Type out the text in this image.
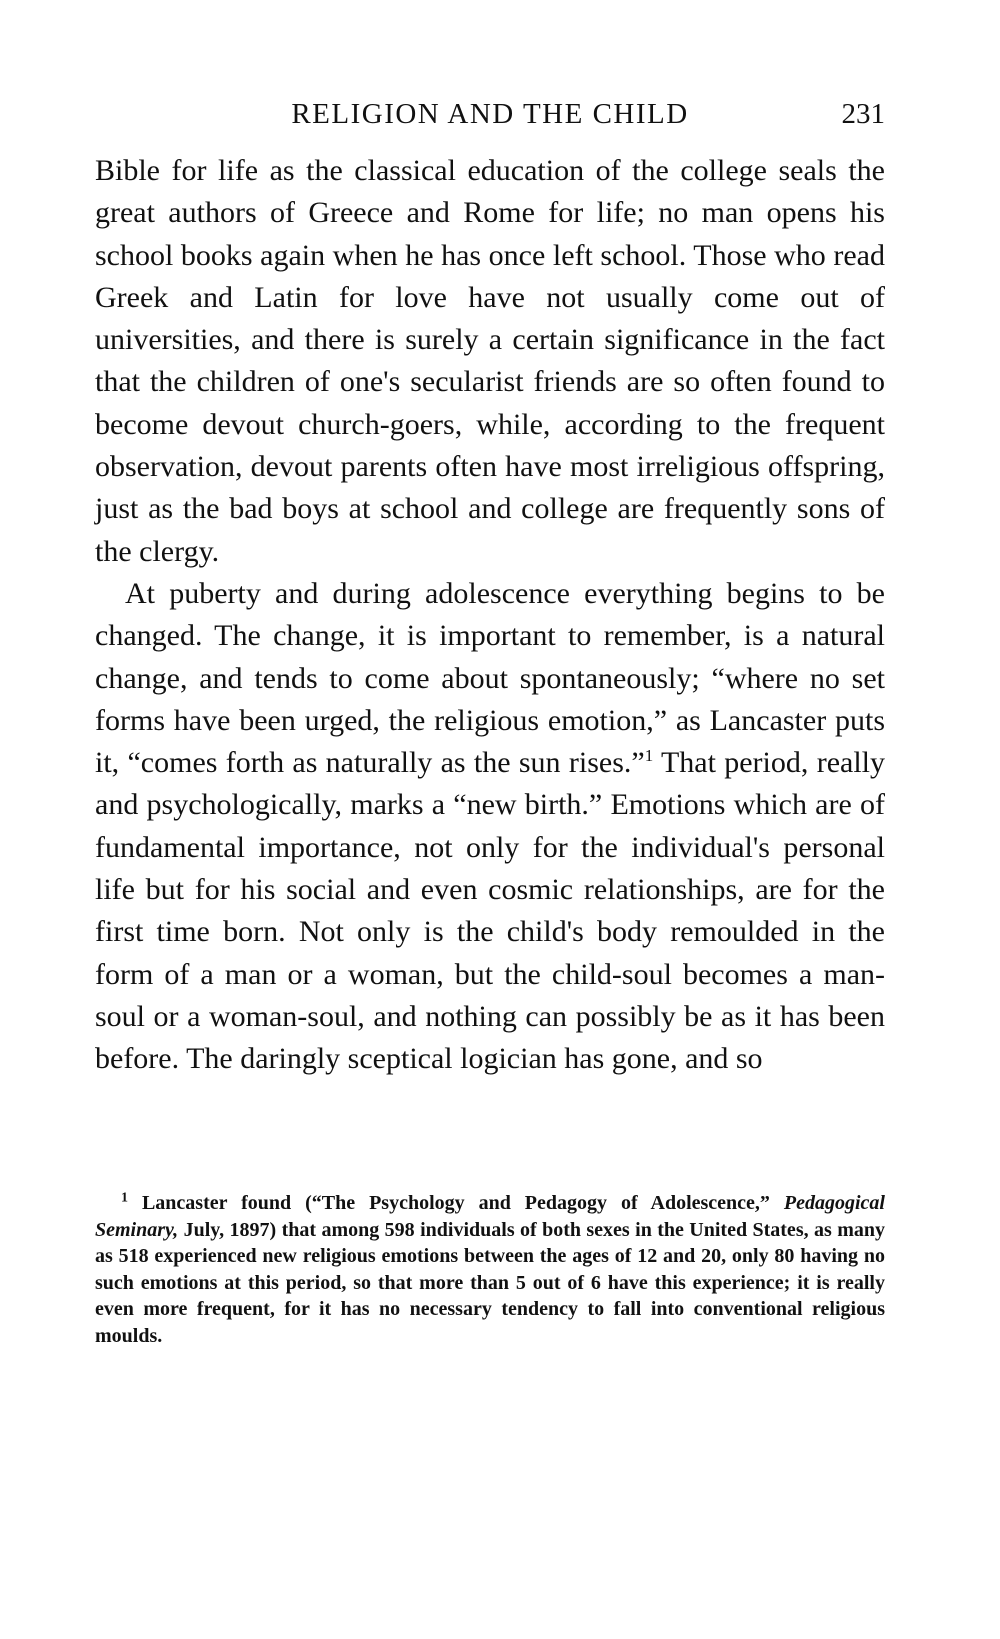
RELIGION AND THE CHILD	231

Bible for life as the classical education of the college seals the great authors of Greece and Rome for life; no man opens his school books again when he has once left school. Those who read Greek and Latin for love have not usually come out of universities, and there is surely a certain significance in the fact that the children of one's secularist friends are so often found to become devout church-goers, while, according to the frequent observation, devout parents often have most irreligious offspring, just as the bad boys at school and college are frequently sons of the clergy.

At puberty and during adolescence everything begins to be changed. The change, it is important to remember, is a natural change, and tends to come about spontaneously; “where no set forms have been urged, the religious emotion,” as Lancaster puts it, “comes forth as naturally as the sun rises.”$^1$ That period, really and psychologically, marks a “new birth.” Emotions which are of fundamental importance, not only for the individual's personal life but for his social and even cosmic relationships, are for the first time born. Not only is the child's body remoulded in the form of a man or a woman, but the child-soul becomes a man-soul or a woman-soul, and nothing can possibly be as it has been before. The daringly sceptical logician has gone, and so

$^1$ Lancaster found (“The Psychology and Pedagogy of Adolescence,” Pedagogical Seminary, July, 1897) that among 598 individuals of both sexes in the United States, as many as 518 experienced new religious emotions between the ages of 12 and 20, only 80 having no such emotions at this period, so that more than 5 out of 6 have this experience; it is really even more frequent, for it has no necessary tendency to fall into conventional religious moulds.
